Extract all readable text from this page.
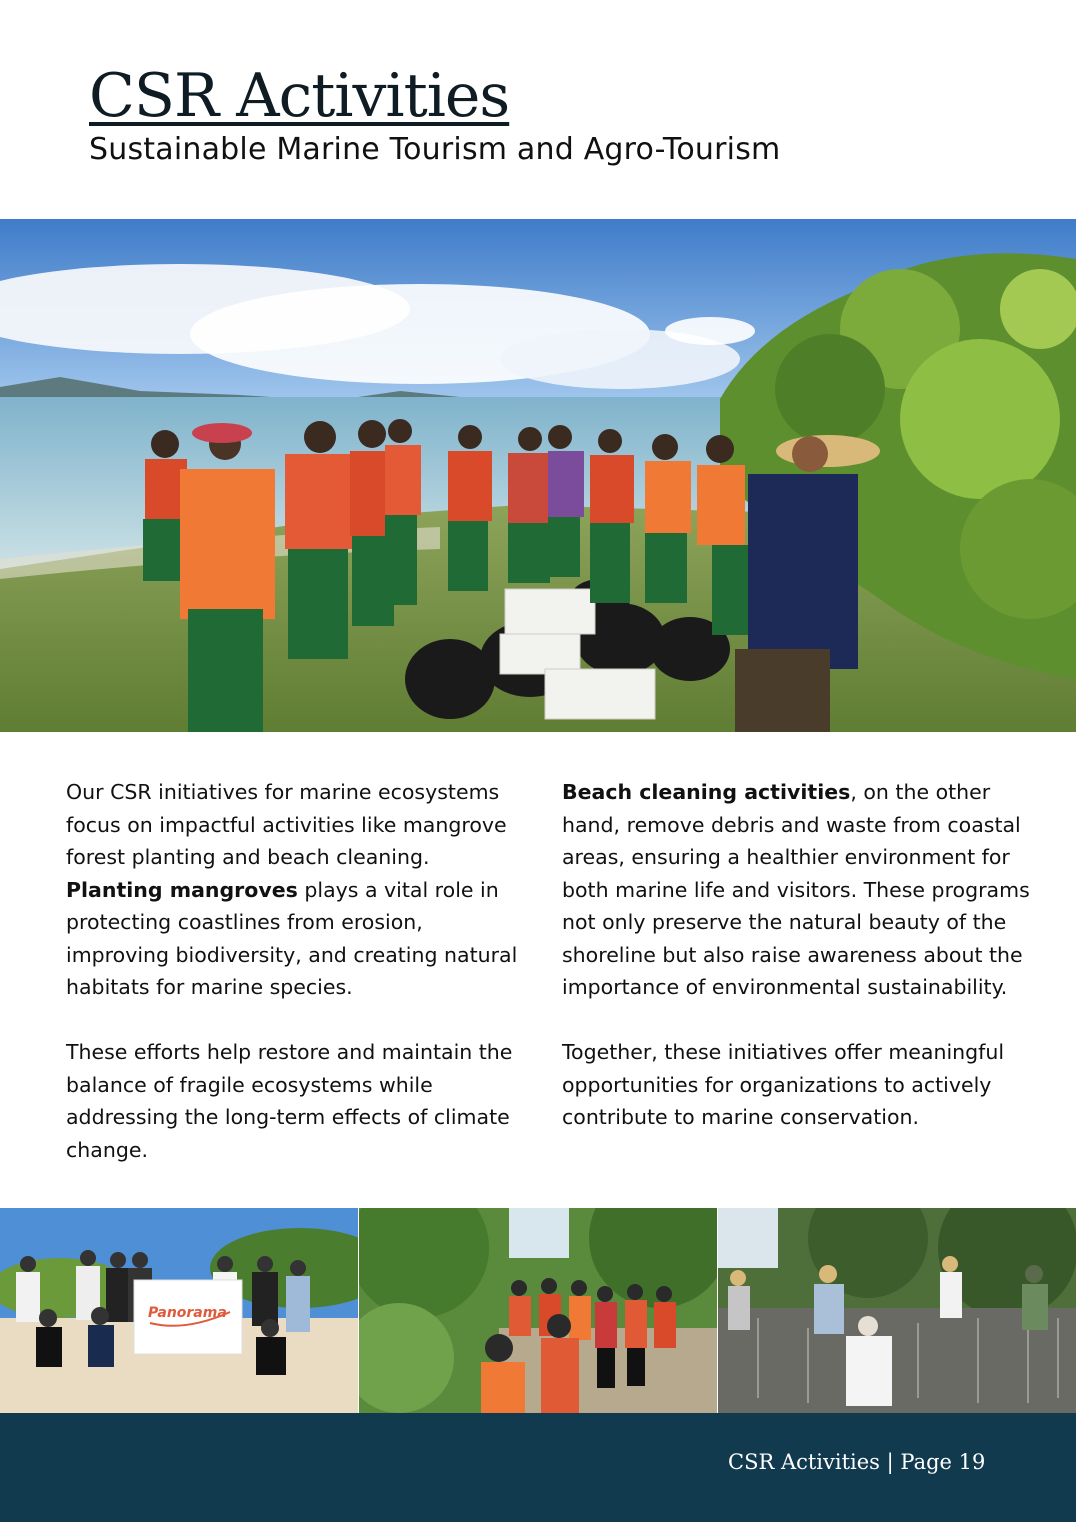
CSR Activities
Sustainable Marine Tourism and Agro-Tourism

Our CSR initiatives for marine ecosystems focus on impactful activities like mangrove forest planting and beach cleaning. Planting mangroves plays a vital role in protecting coastlines from erosion, improving biodiversity, and creating natural habitats for marine species.

These efforts help restore and maintain the balance of fragile ecosystems while addressing the long-term effects of climate change.

Beach cleaning activities, on the other hand, remove debris and waste from coastal areas, ensuring a healthier environment for both marine life and visitors. These programs not only preserve the natural beauty of the shoreline but also raise awareness about the importance of environmental sustainability.

Together, these initiatives offer meaningful opportunities for organizations to actively contribute to marine conservation.

Panorama
CSR Activities | Page 19
